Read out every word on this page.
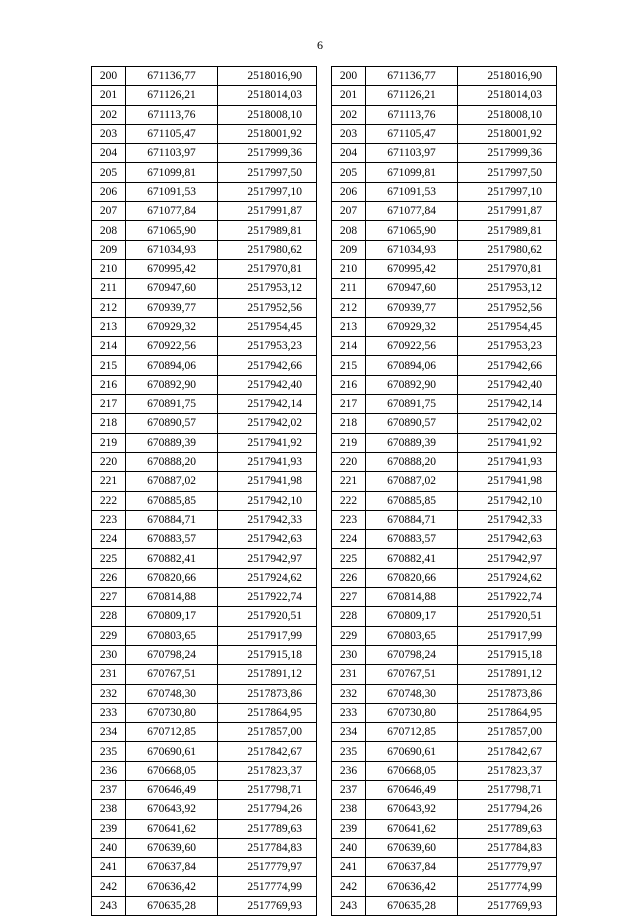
6
200	671136,77	2518016,90
201	671126,21	2518014,03
202	671113,76	2518008,10
203	671105,47	2518001,92
204	671103,97	2517999,36
205	671099,81	2517997,50
206	671091,53	2517997,10
207	671077,84	2517991,87
208	671065,90	2517989,81
209	671034,93	2517980,62
210	670995,42	2517970,81
211	670947,60	2517953,12
212	670939,77	2517952,56
213	670929,32	2517954,45
214	670922,56	2517953,23
215	670894,06	2517942,66
216	670892,90	2517942,40
217	670891,75	2517942,14
218	670890,57	2517942,02
219	670889,39	2517941,92
220	670888,20	2517941,93
221	670887,02	2517941,98
222	670885,85	2517942,10
223	670884,71	2517942,33
224	670883,57	2517942,63
225	670882,41	2517942,97
226	670820,66	2517924,62
227	670814,88	2517922,74
228	670809,17	2517920,51
229	670803,65	2517917,99
230	670798,24	2517915,18
231	670767,51	2517891,12
232	670748,30	2517873,86
233	670730,80	2517864,95
234	670712,85	2517857,00
235	670690,61	2517842,67
236	670668,05	2517823,37
237	670646,49	2517798,71
238	670643,92	2517794,26
239	670641,62	2517789,63
240	670639,60	2517784,83
241	670637,84	2517779,97
242	670636,42	2517774,99
243	670635,28	2517769,93
200	671136,77	2518016,90
201	671126,21	2518014,03
202	671113,76	2518008,10
203	671105,47	2518001,92
204	671103,97	2517999,36
205	671099,81	2517997,50
206	671091,53	2517997,10
207	671077,84	2517991,87
208	671065,90	2517989,81
209	671034,93	2517980,62
210	670995,42	2517970,81
211	670947,60	2517953,12
212	670939,77	2517952,56
213	670929,32	2517954,45
214	670922,56	2517953,23
215	670894,06	2517942,66
216	670892,90	2517942,40
217	670891,75	2517942,14
218	670890,57	2517942,02
219	670889,39	2517941,92
220	670888,20	2517941,93
221	670887,02	2517941,98
222	670885,85	2517942,10
223	670884,71	2517942,33
224	670883,57	2517942,63
225	670882,41	2517942,97
226	670820,66	2517924,62
227	670814,88	2517922,74
228	670809,17	2517920,51
229	670803,65	2517917,99
230	670798,24	2517915,18
231	670767,51	2517891,12
232	670748,30	2517873,86
233	670730,80	2517864,95
234	670712,85	2517857,00
235	670690,61	2517842,67
236	670668,05	2517823,37
237	670646,49	2517798,71
238	670643,92	2517794,26
239	670641,62	2517789,63
240	670639,60	2517784,83
241	670637,84	2517779,97
242	670636,42	2517774,99
243	670635,28	2517769,93
